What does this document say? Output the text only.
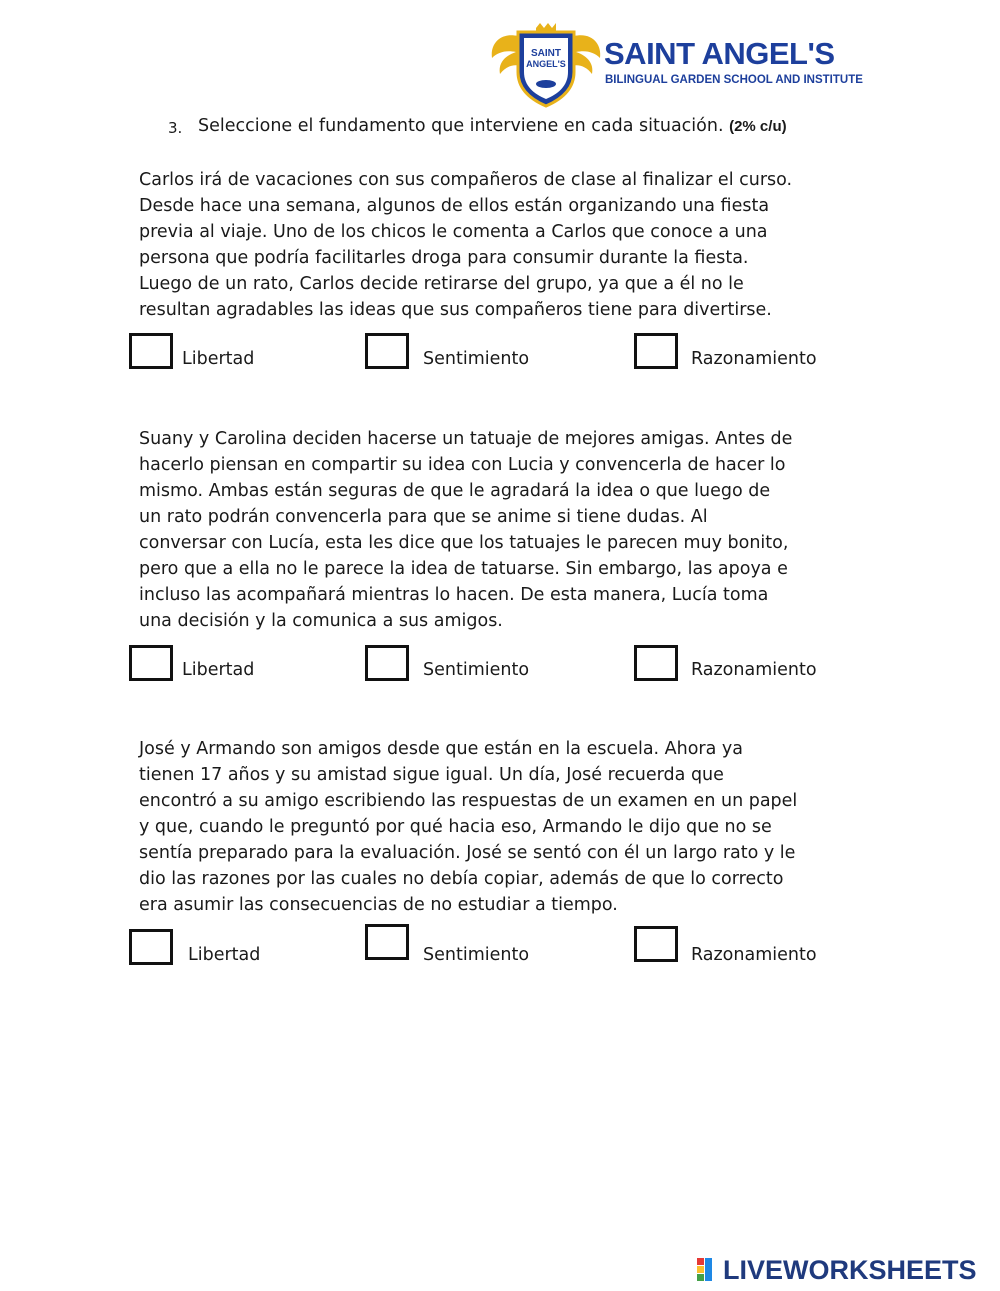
SAINT
ANGEL'S SAINT ANGEL'S
BILINGUAL GARDEN SCHOOL AND INSTITUTE
3. Seleccione el fundamento que interviene en cada situación. (2% c/u)
Carlos irá de vacaciones con sus compañeros de clase al finalizar el curso.
Desde hace una semana, algunos de ellos están organizando una fiesta
previa al viaje. Uno de los chicos le comenta a Carlos que conoce a una
persona que podría facilitarles droga para consumir durante la fiesta.
Luego de un rato, Carlos decide retirarse del grupo, ya que a él no le
resultan agradables las ideas que sus compañeros tiene para divertirse.
Libertad	Sentimiento	Razonamiento
Suany y Carolina deciden hacerse un tatuaje de mejores amigas. Antes de
hacerlo piensan en compartir su idea con Lucia y convencerla de hacer lo
mismo. Ambas están seguras de que le agradará la idea o que luego de
un rato podrán convencerla para que se anime si tiene dudas. Al
conversar con Lucía, esta les dice que los tatuajes le parecen muy bonito,
pero que a ella no le parece la idea de tatuarse. Sin embargo, las apoya e
incluso las acompañará mientras lo hacen. De esta manera, Lucía toma
una decisión y la comunica a sus amigos.
Libertad	Sentimiento	Razonamiento
José y Armando son amigos desde que están en la escuela. Ahora ya
tienen 17 años y su amistad sigue igual. Un día, José recuerda que
encontró a su amigo escribiendo las respuestas de un examen en un papel
y que, cuando le preguntó por qué hacia eso, Armando le dijo que no se
sentía preparado para la evaluación. José se sentó con él un largo rato y le
dio las razones por las cuales no debía copiar, además de que lo correcto
era asumir las consecuencias de no estudiar a tiempo.
Libertad	Sentimiento	Razonamiento
LIVEWORKSHEETS
